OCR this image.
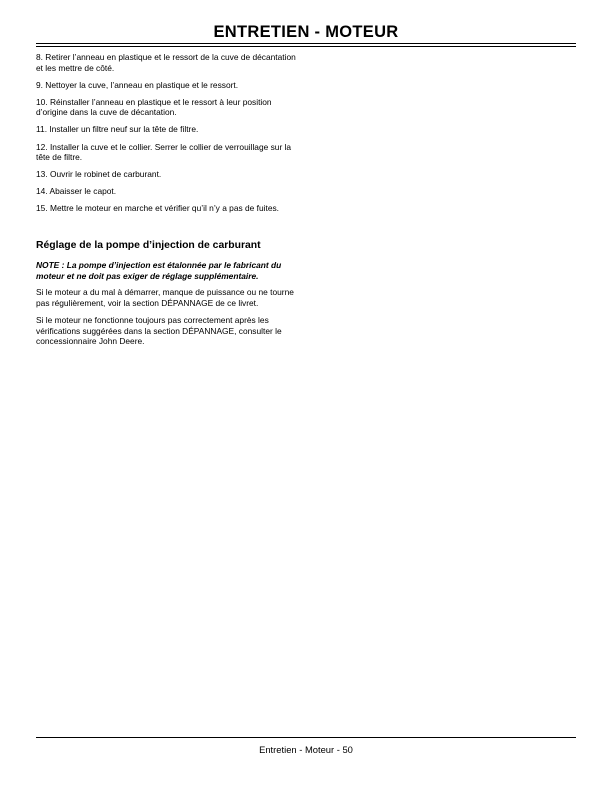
ENTRETIEN - MOTEUR

8. Retirer l’anneau en plastique et le ressort de la cuve de décantation et les mettre de côté.

9. Nettoyer la cuve, l’anneau en plastique et le ressort.

10. Réinstaller l’anneau en plastique et le ressort à leur position d’origine dans la cuve de décantation.

11. Installer un filtre neuf sur la tête de filtre.

12. Installer la cuve et le collier. Serrer le collier de verrouillage sur la tête de filtre.

13. Ouvrir le robinet de carburant.

14. Abaisser le capot.

15. Mettre le moteur en marche et vérifier qu’il n’y a pas de fuites.

Réglage de la pompe d’injection de carburant

NOTE : La pompe d’injection est étalonnée par le fabricant du moteur et ne doit pas exiger de réglage supplémentaire.

Si le moteur a du mal à démarrer, manque de puissance ou ne tourne pas régulièrement, voir la section DÉPANNAGE de ce livret.

Si le moteur ne fonctionne toujours pas correctement après les vérifications suggérées dans la section DÉPANNAGE, consulter le concessionnaire John Deere.

Entretien - Moteur - 50
